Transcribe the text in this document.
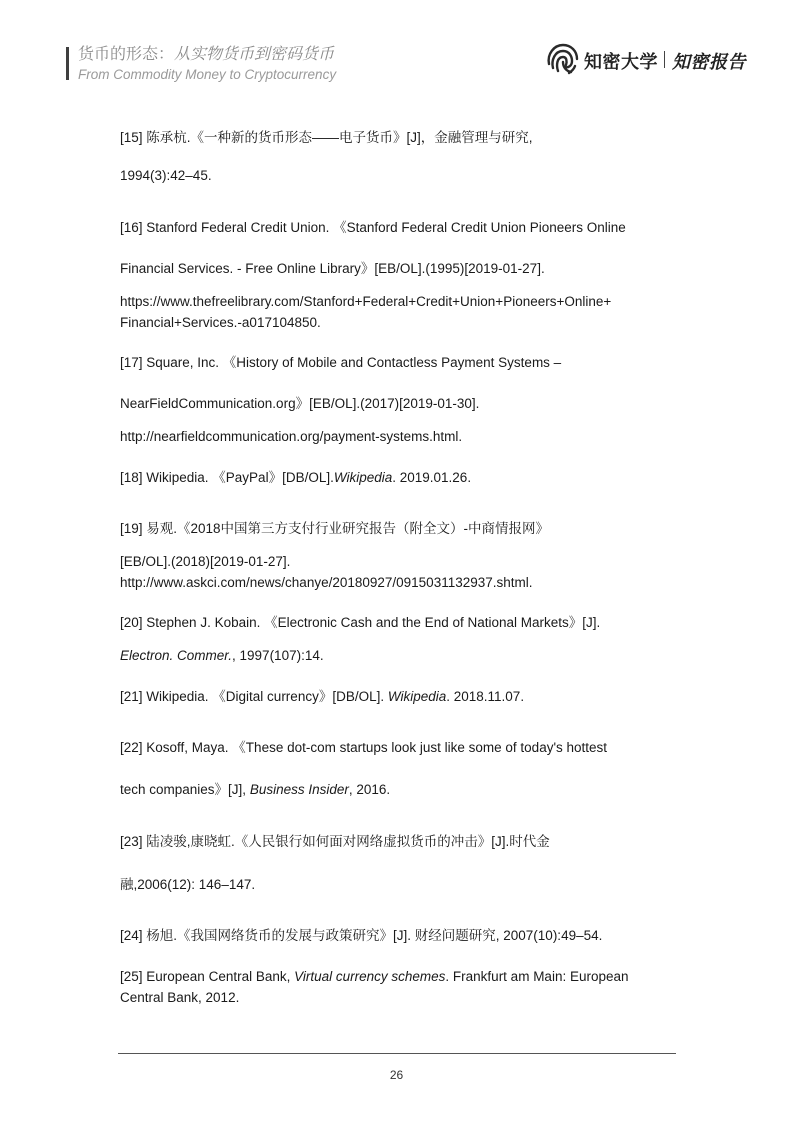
货币的形态：从实物货币到密码货币
From Commodity Money to Cryptocurrency
知密大学 知密报告
[15] 陈承杭.《一种新的货币形态——电子货币》[J]，金融管理与研究,
1994(3):42–45.
[16] Stanford Federal Credit Union. 《Stanford Federal Credit Union Pioneers Online
Financial Services. - Free Online Library》[EB/OL].(1995)[2019-01-27].
https://www.thefreelibrary.com/Stanford+Federal+Credit+Union+Pioneers+Online+
Financial+Services.-a017104850.
[17] Square, Inc. 《History of Mobile and Contactless Payment Systems –
NearFieldCommunication.org》[EB/OL].(2017)[2019-01-30].
http://nearfieldcommunication.org/payment-systems.html.
[18] Wikipedia. 《PayPal》[DB/OL].Wikipedia. 2019.01.26.
[19] 易观.《2018中国第三方支付行业研究报告（附全文）-中商情报网》
[EB/OL].(2018)[2019-01-27].
http://www.askci.com/news/chanye/20180927/0915031132937.shtml.
[20] Stephen J. Kobain. 《Electronic Cash and the End of National Markets》[J].
Electron. Commer., 1997(107):14.
[21] Wikipedia. 《Digital currency》[DB/OL]. Wikipedia. 2018.11.07.
[22] Kosoff, Maya. 《These dot-com startups look just like some of today's hottest
tech companies》[J], Business Insider, 2016.
[23] 陆凌骏,康晓虹.《人民银行如何面对网络虚拟货币的冲击》[J].时代金
融,2006(12): 146–147.
[24] 杨旭.《我国网络货币的发展与政策研究》[J]. 财经问题研究, 2007(10):49–54.
[25] European Central Bank, Virtual currency schemes. Frankfurt am Main: European
Central Bank, 2012.
26
